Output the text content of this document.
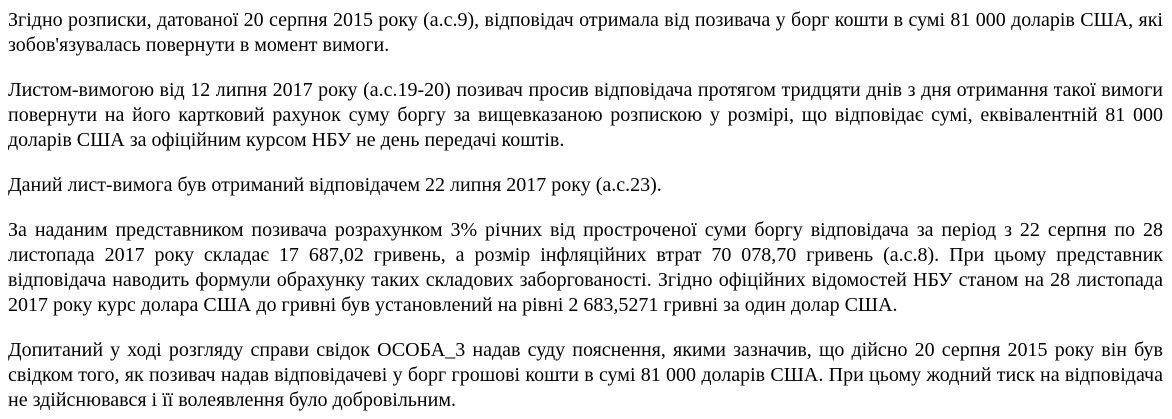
Згідно розписки, датованої 20 серпня 2015 року (а.с.9), відповідач отримала від позивача у борг кошти в сумі 81 000 доларів США, які зобов'язувалась повернути в момент вимоги.

Листом-вимогою від 12 липня 2017 року (а.с.19-20) позивач просив відповідача протягом тридцяти днів з дня отримання такої вимоги повернути на його картковий рахунок суму боргу за вищевказаною розпискою у розмірі, що відповідає сумі, еквівалентній 81 000 доларів США за офіційним курсом НБУ не день передачі коштів.

Даний лист-вимога був отриманий відповідачем 22 липня 2017 року (а.с.23).

За наданим представником позивача розрахунком 3% річних від простроченої суми боргу відповідача за період з 22 серпня по 28 листопада 2017 року складає 17 687,02 гривень, а розмір інфляційних втрат 70 078,70 гривень (а.с.8). При цьому представник відповідача наводить формули обрахунку таких складових заборгованості. Згідно офіційних відомостей НБУ станом на 28 листопада 2017 року курс долара США до гривні був установлений на рівні 2 683,5271 гривні за один долар США.

Допитаний у ході розгляду справи свідок ОСОБА_3 надав суду пояснення, якими зазначив, що дійсно 20 серпня 2015 року він був свідком того, як позивач надав відповідачеві у борг грошові кошти в сумі 81 000 доларів США. При цьому жодний тиск на відповідача не здійснювався і її волеявлення було добровільним.
